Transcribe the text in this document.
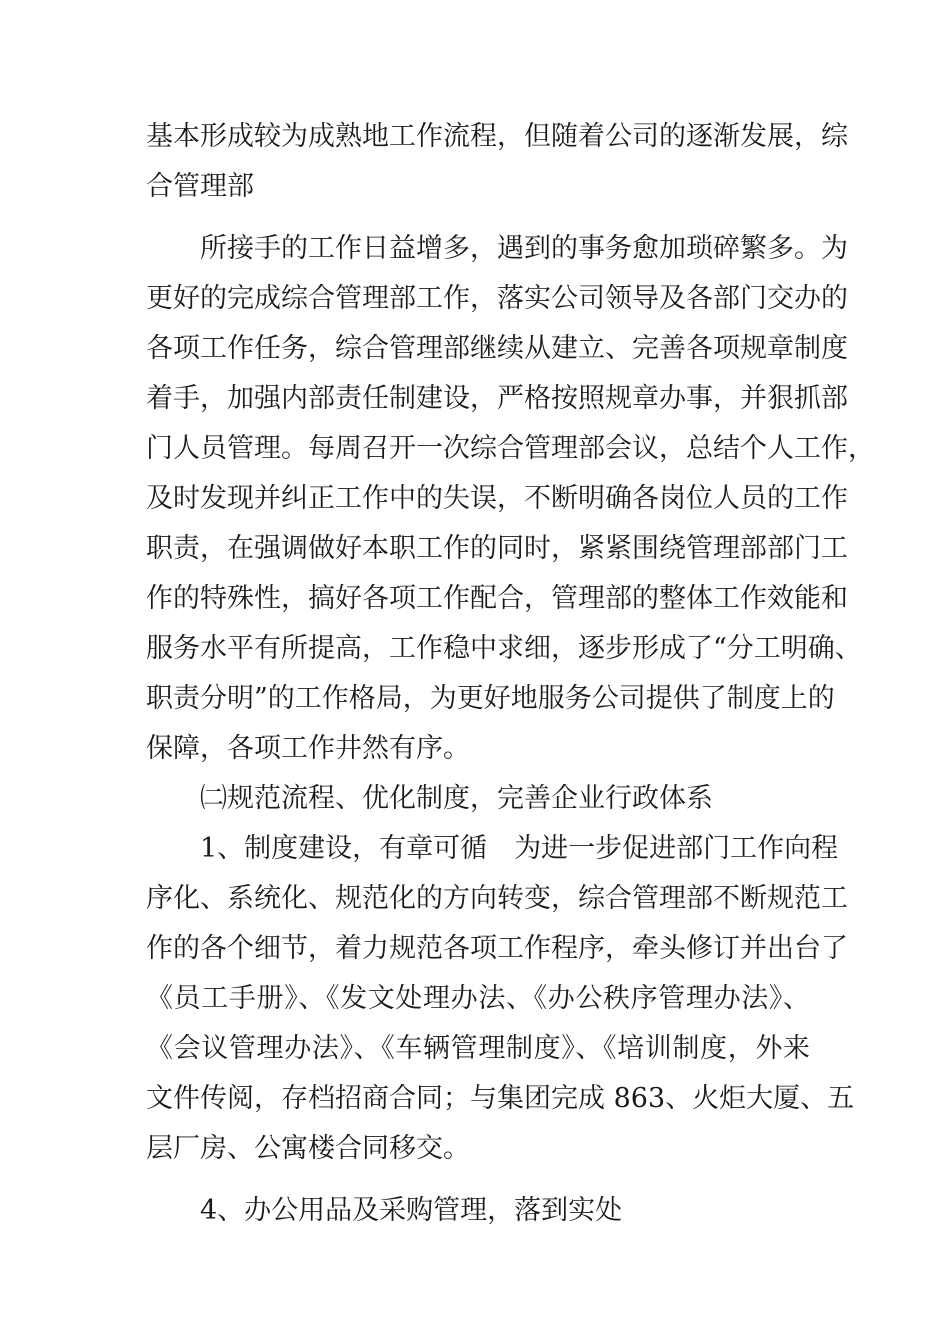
基本形成较为成熟地工作流程，但随着公司的逐渐发展，综
合管理部
所接手的工作日益增多，遇到的事务愈加琐碎繁多。为
更好的完成综合管理部工作，落实公司领导及各部门交办的
各项工作任务，综合管理部继续从建立、完善各项规章制度
着手，加强内部责任制建设，严格按照规章办事，并狠抓部
门人员管理。每周召开一次综合管理部会议，总结个人工作，
及时发现并纠正工作中的失误，不断明确各岗位人员的工作
职责，在强调做好本职工作的同时，紧紧围绕管理部部门工
作的特殊性，搞好各项工作配合，管理部的整体工作效能和
服务水平有所提高，工作稳中求细，逐步形成了“分工明确、
职责分明”的工作格局，为更好地服务公司提供了制度上的
保障，各项工作井然有序。
㈡规范流程、优化制度，完善企业行政体系
1、制度建设，有章可循　为进一步促进部门工作向程
序化、系统化、规范化的方向转变，综合管理部不断规范工
作的各个细节，着力规范各项工作程序，牵头修订并出台了
《员工手册》、《发文处理办法、《办公秩序管理办法》、
《会议管理办法》、《车辆管理制度》、《培训制度，外来
文件传阅，存档招商合同；与集团完成 863、火炬大厦、五
层厂房、公寓楼合同移交。
4、办公用品及采购管理，落到实处
